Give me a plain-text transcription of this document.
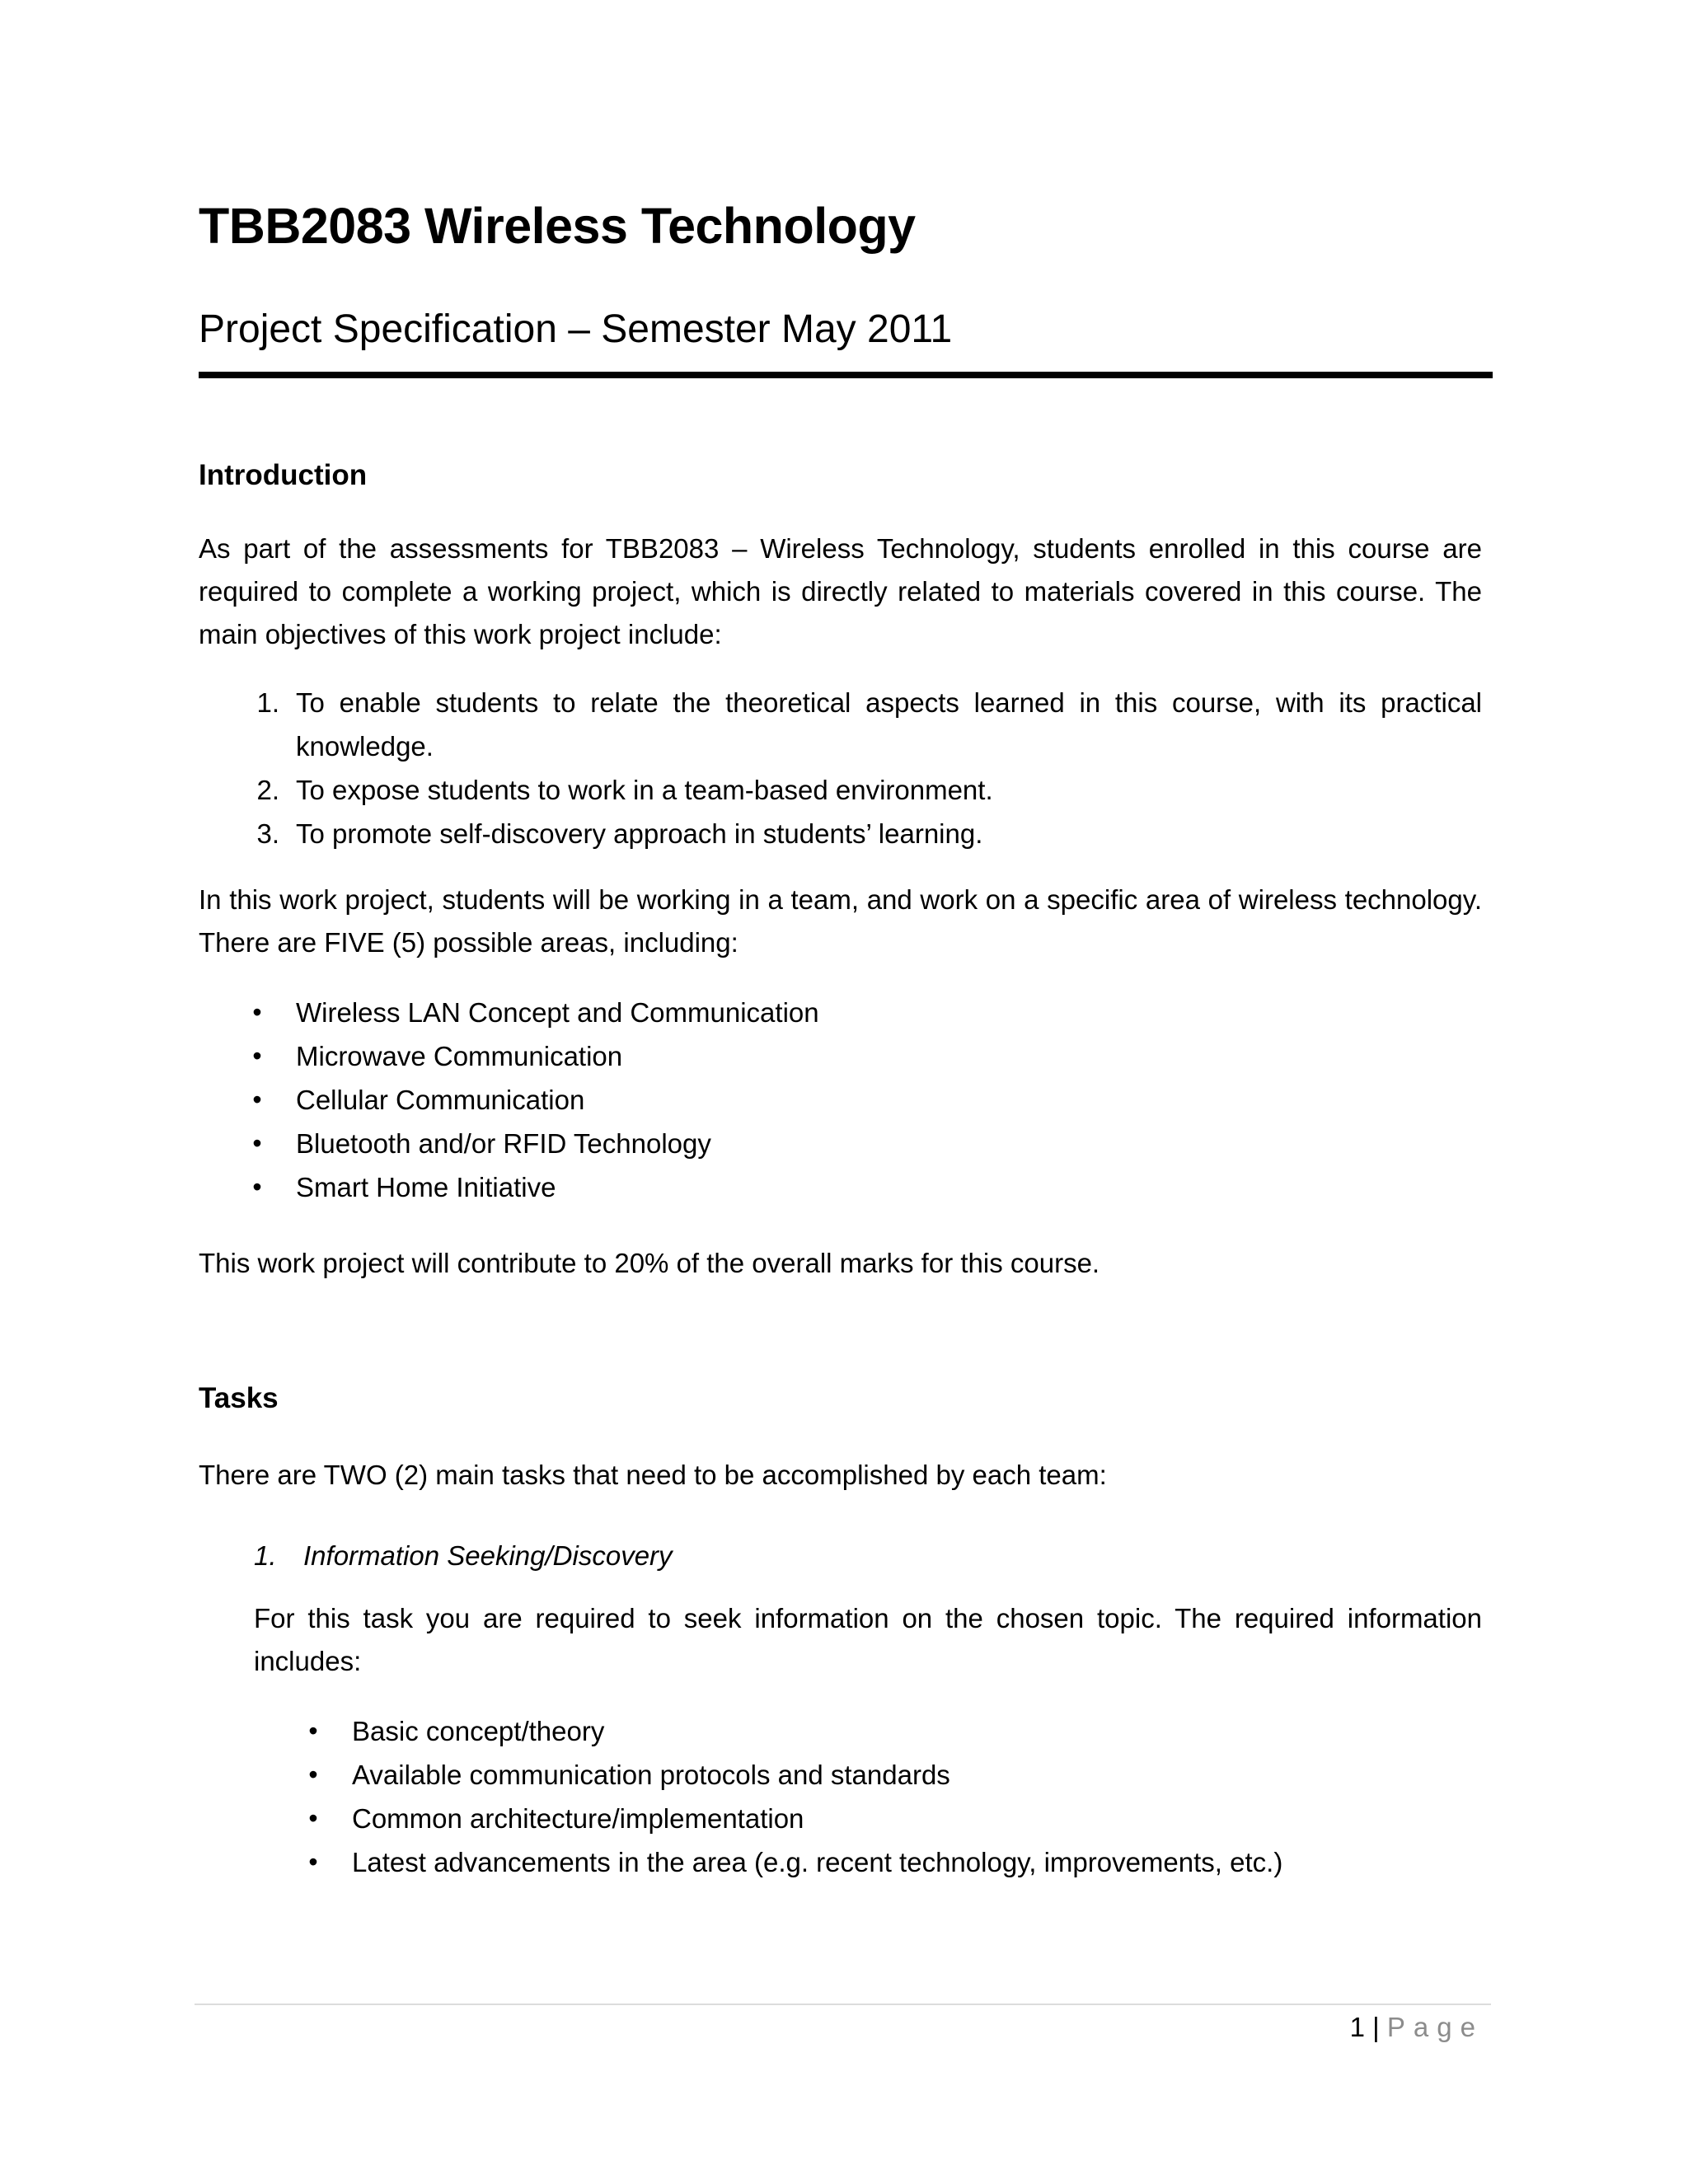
TBB2083 Wireless Technology
Project Specification – Semester May 2011
Introduction

As part of the assessments for TBB2083 – Wireless Technology, students enrolled in this course are required to complete a working project, which is directly related to materials covered in this course. The main objectives of this work project include:

1. To enable students to relate the theoretical aspects learned in this course, with its practical knowledge.
2. To expose students to work in a team-based environment.
3. To promote self-discovery approach in students’ learning.

In this work project, students will be working in a team, and work on a specific area of wireless technology. There are FIVE (5) possible areas, including:

• Wireless LAN Concept and Communication
• Microwave Communication
• Cellular Communication
• Bluetooth and/or RFID Technology
• Smart Home Initiative

This work project will contribute to 20% of the overall marks for this course.

Tasks

There are TWO (2) main tasks that need to be accomplished by each team:

1. Information Seeking/Discovery

For this task you are required to seek information on the chosen topic. The required information includes:

• Basic concept/theory
• Available communication protocols and standards
• Common architecture/implementation
• Latest advancements in the area (e.g. recent technology, improvements, etc.)
1 | Page
